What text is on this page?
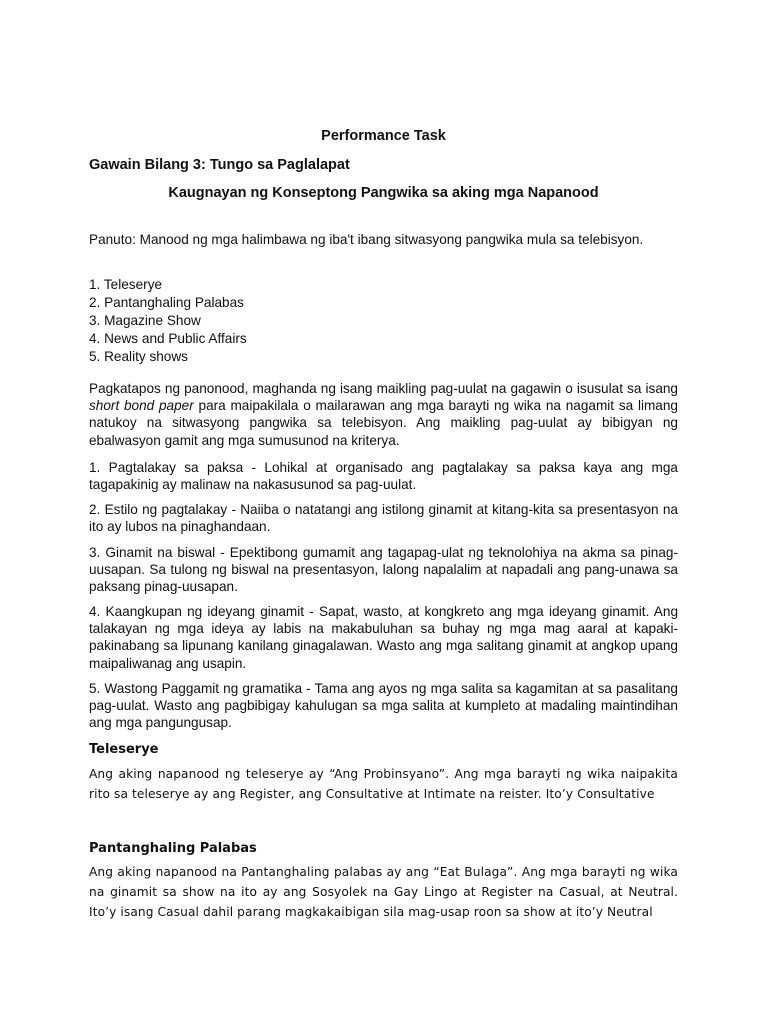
Performance Task
Gawain Bilang 3: Tungo sa Paglalapat
Kaugnayan ng Konseptong Pangwika sa aking mga Napanood
Panuto: Manood ng mga halimbawa ng iba't ibang sitwasyong pangwika mula sa telebisyon.
1. Teleserye
2. Pantanghaling Palabas
3. Magazine Show
4. News and Public Affairs
5. Reality shows
Pagkatapos ng panonood, maghanda ng isang maikling pag-uulat na gagawin o isusulat sa isang short bond paper para maipakilala o mailarawan ang mga barayti ng wika na nagamit sa limang natukoy na sitwasyong pangwika sa telebisyon. Ang maikling pag-uulat ay bibigyan ng ebalwasyon gamit ang mga sumusunod na kriterya.
1. Pagtalakay sa paksa - Lohikal at organisado ang pagtalakay sa paksa kaya ang mga tagapakinig ay malinaw na nakasusunod sa pag-uulat.
2. Estilo ng pagtalakay - Naiiba o natatangi ang istilong ginamit at kitang-kita sa presentasyon na ito ay lubos na pinaghandaan.
3. Ginamit na biswal - Epektibong gumamit ang tagapag-ulat ng teknolohiya na akma sa pinag-uusapan. Sa tulong ng biswal na presentasyon, lalong napalalim at napadali ang pang-unawa sa paksang pinag-uusapan.
4. Kaangkupan ng ideyang ginamit - Sapat, wasto, at kongkreto ang mga ideyang ginamit. Ang talakayan ng mga ideya ay labis na makabuluhan sa buhay ng mga mag aaral at kapaki-pakinabang sa lipunang kanilang ginagalawan. Wasto ang mga salitang ginamit at angkop upang maipaliwanag ang usapin.
5. Wastong Paggamit ng gramatika - Tama ang ayos ng mga salita sa kagamitan at sa pasalitang pag-uulat. Wasto ang pagbibigay kahulugan sa mga salita at kumpleto at madaling maintindihan ang mga pangungusap.
Teleserye
Ang aking napanood ng teleserye ay “Ang Probinsyano”. Ang mga barayti ng wika naipakita rito sa teleserye ay ang Register, ang Consultative at Intimate na reister. Ito’y Consultative
Pantanghaling Palabas
Ang aking napanood na Pantanghaling palabas ay ang “Eat Bulaga”. Ang mga barayti ng wika na ginamit sa show na ito ay ang Sosyolek na Gay Lingo at Register na Casual, at Neutral. Ito’y isang Casual dahil parang magkakaibigan sila mag-usap roon sa show at ito’y Neutral
